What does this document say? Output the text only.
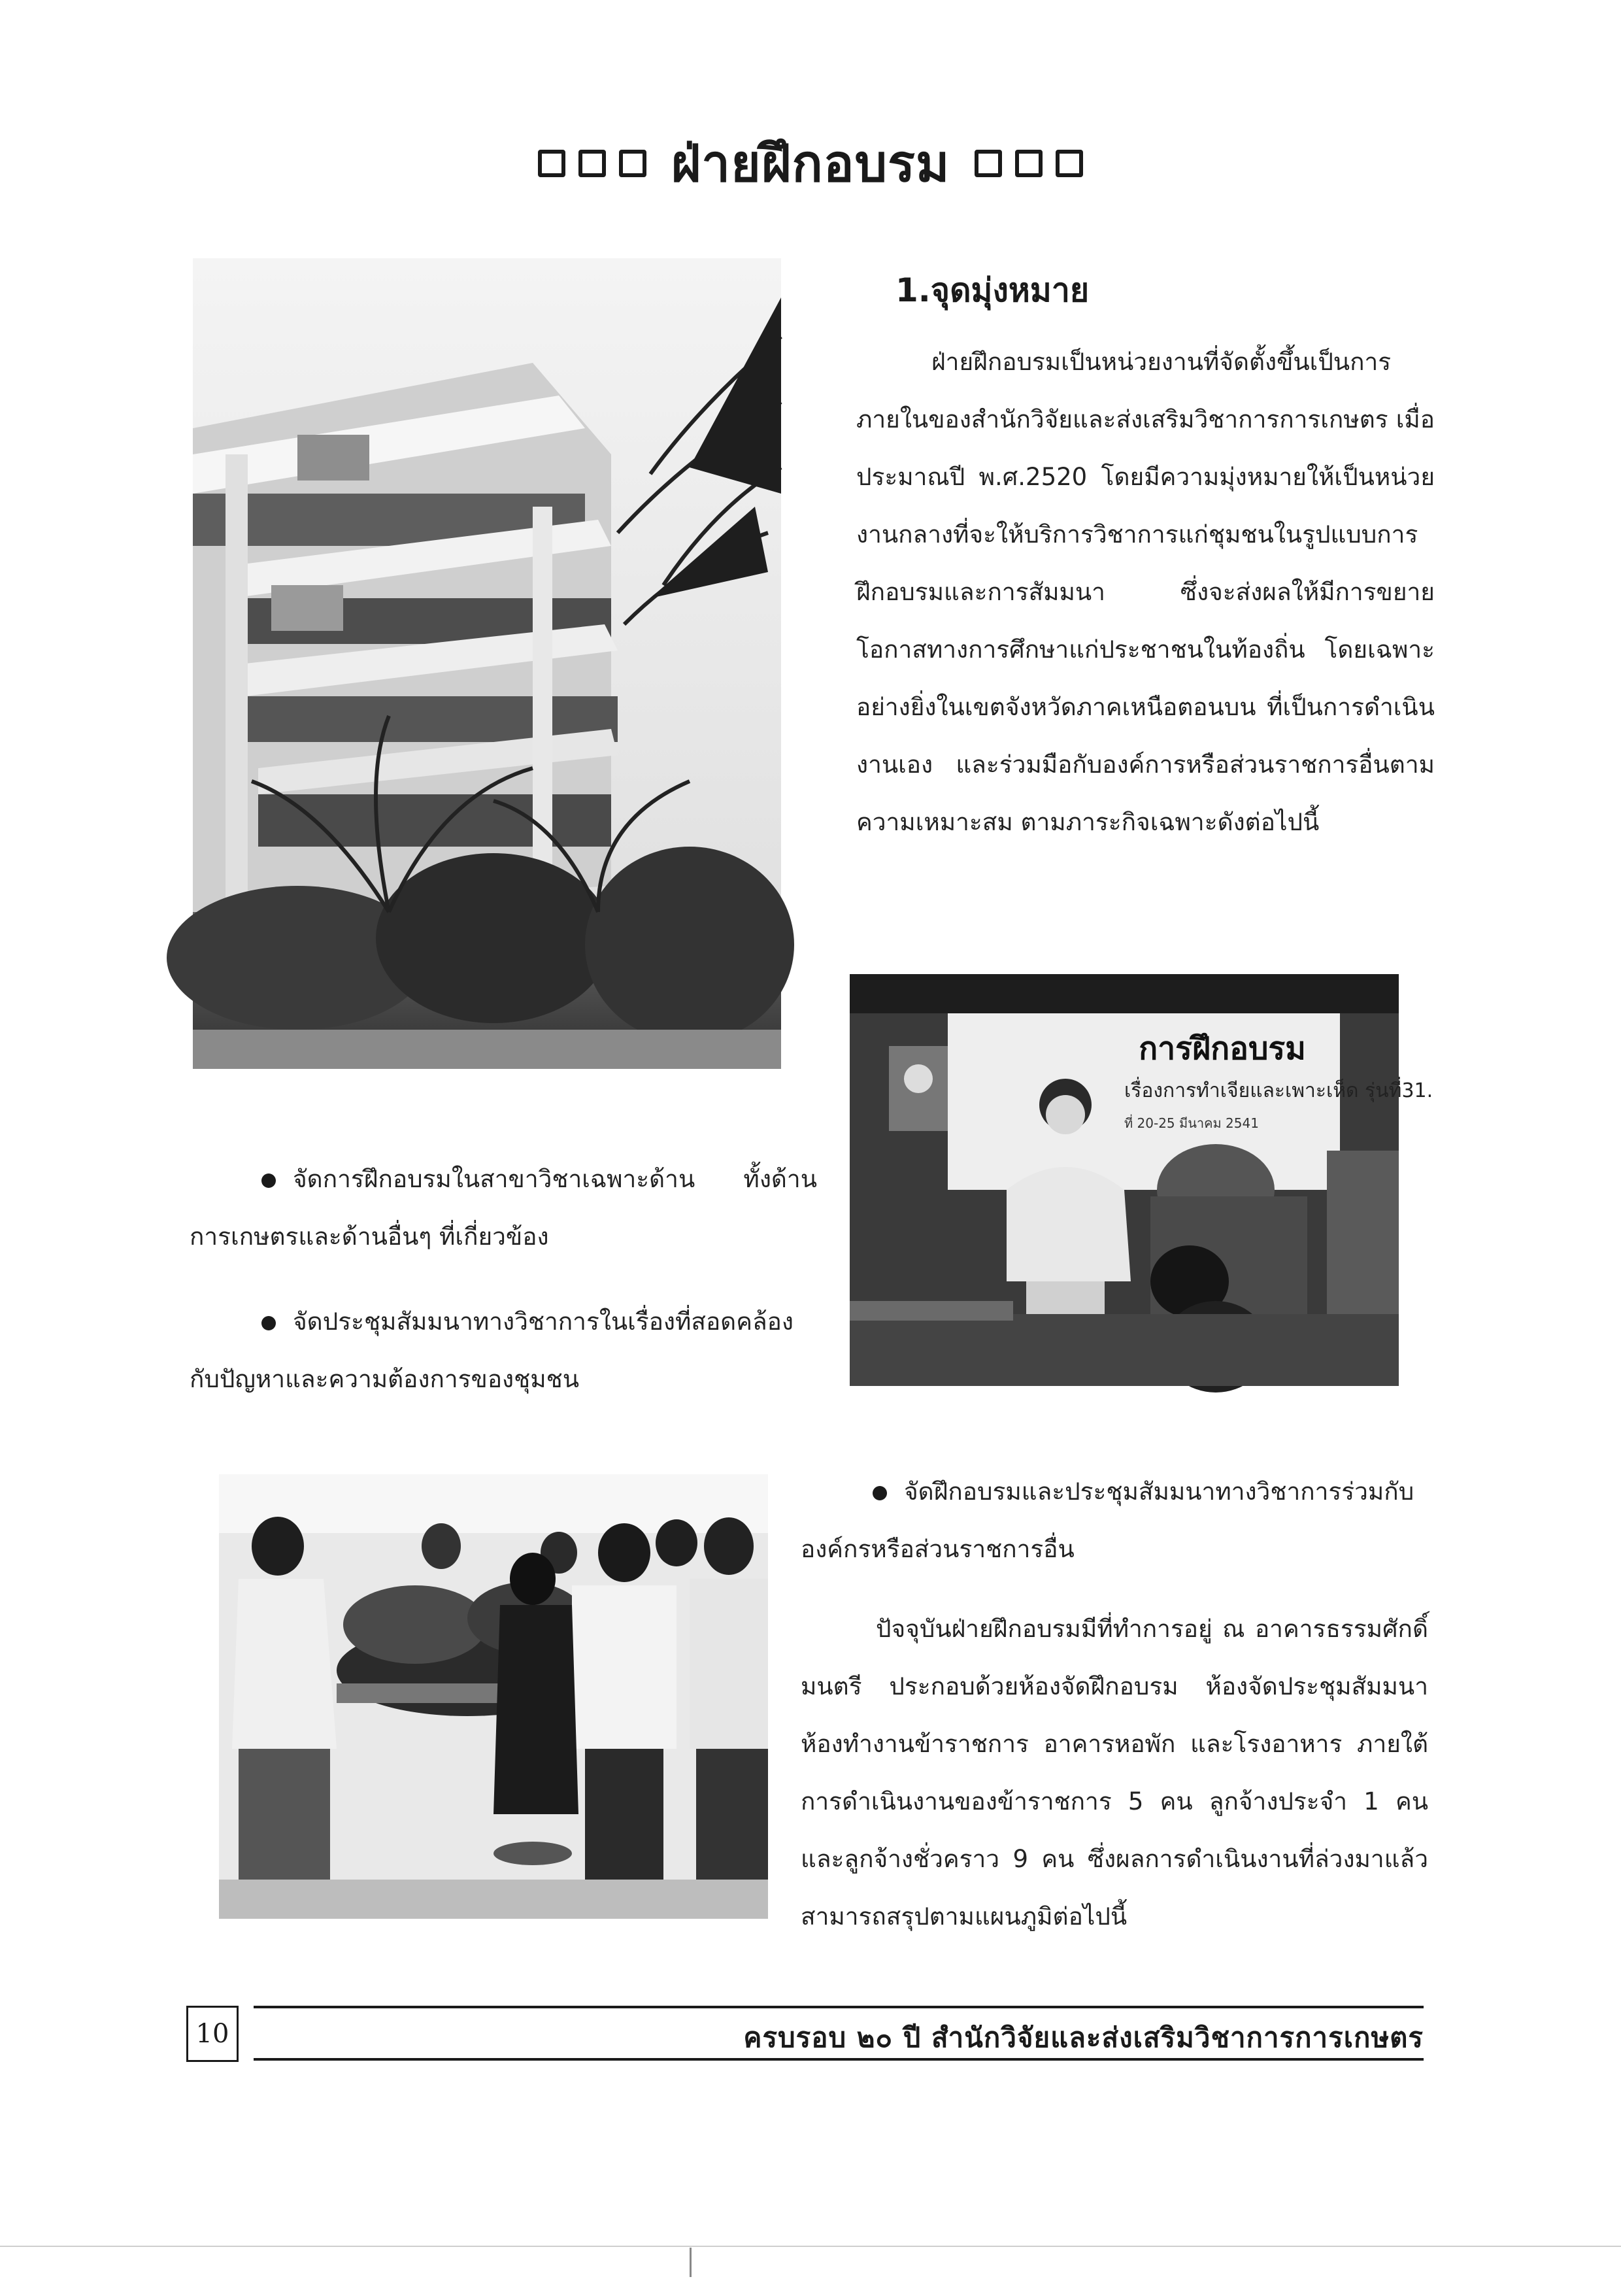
ฝ่ายฝึกอบรม
1.จุดมุ่งหมาย
ฝ่ายฝึกอบรมเป็นหน่วยงานที่จัดตั้งขึ้นเป็นการภายในของสำนักวิจัยและส่งเสริมวิชาการการเกษตร เมื่อประมาณปี พ.ศ.2520 โดยมีความมุ่งหมายให้เป็นหน่วยงานกลางที่จะให้บริการวิชาการแก่ชุมชนในรูปแบบการฝึกอบรมและการสัมมนา ซึ่งจะส่งผลให้มีการขยายโอกาสทางการศึกษาแก่ประชาชนในท้องถิ่น โดยเฉพาะอย่างยิ่งในเขตจังหวัดภาคเหนือตอนบน ที่เป็นการดำเนินงานเอง และร่วมมือกับองค์การหรือส่วนราชการอื่นตามความเหมาะสม ตามภาระกิจเฉพาะดังต่อไปนี้
การฝึกอบรม
เรื่องการทำเจียและเพาะเห็ด รุ่นที่31.
ที่ 20-25 มีนาคม 2541
จัดการฝึกอบรมในสาขาวิชาเฉพาะด้าน ทั้งด้านการเกษตรและด้านอื่นๆ ที่เกี่ยวข้อง
จัดประชุมสัมมนาทางวิชาการในเรื่องที่สอดคล้องกับปัญหาและความต้องการของชุมชน
จัดฝึกอบรมและประชุมสัมมนาทางวิชาการร่วมกับองค์กรหรือส่วนราชการอื่น
ปัจจุบันฝ่ายฝึกอบรมมีที่ทำการอยู่ ณ อาคารธรรมศักดิ์มนตรี ประกอบด้วยห้องจัดฝึกอบรม ห้องจัดประชุมสัมมนา ห้องทำงานข้าราชการ อาคารหอพัก และโรงอาหาร ภายใต้การดำเนินงานของข้าราชการ 5 คน ลูกจ้างประจำ 1 คน และลูกจ้างชั่วคราว 9 คน ซึ่งผลการดำเนินงานที่ล่วงมาแล้วสามารถสรุปตามแผนภูมิต่อไปนี้
10	ครบรอบ ๒๐ ปี สำนักวิจัยและส่งเสริมวิชาการการเกษตร
